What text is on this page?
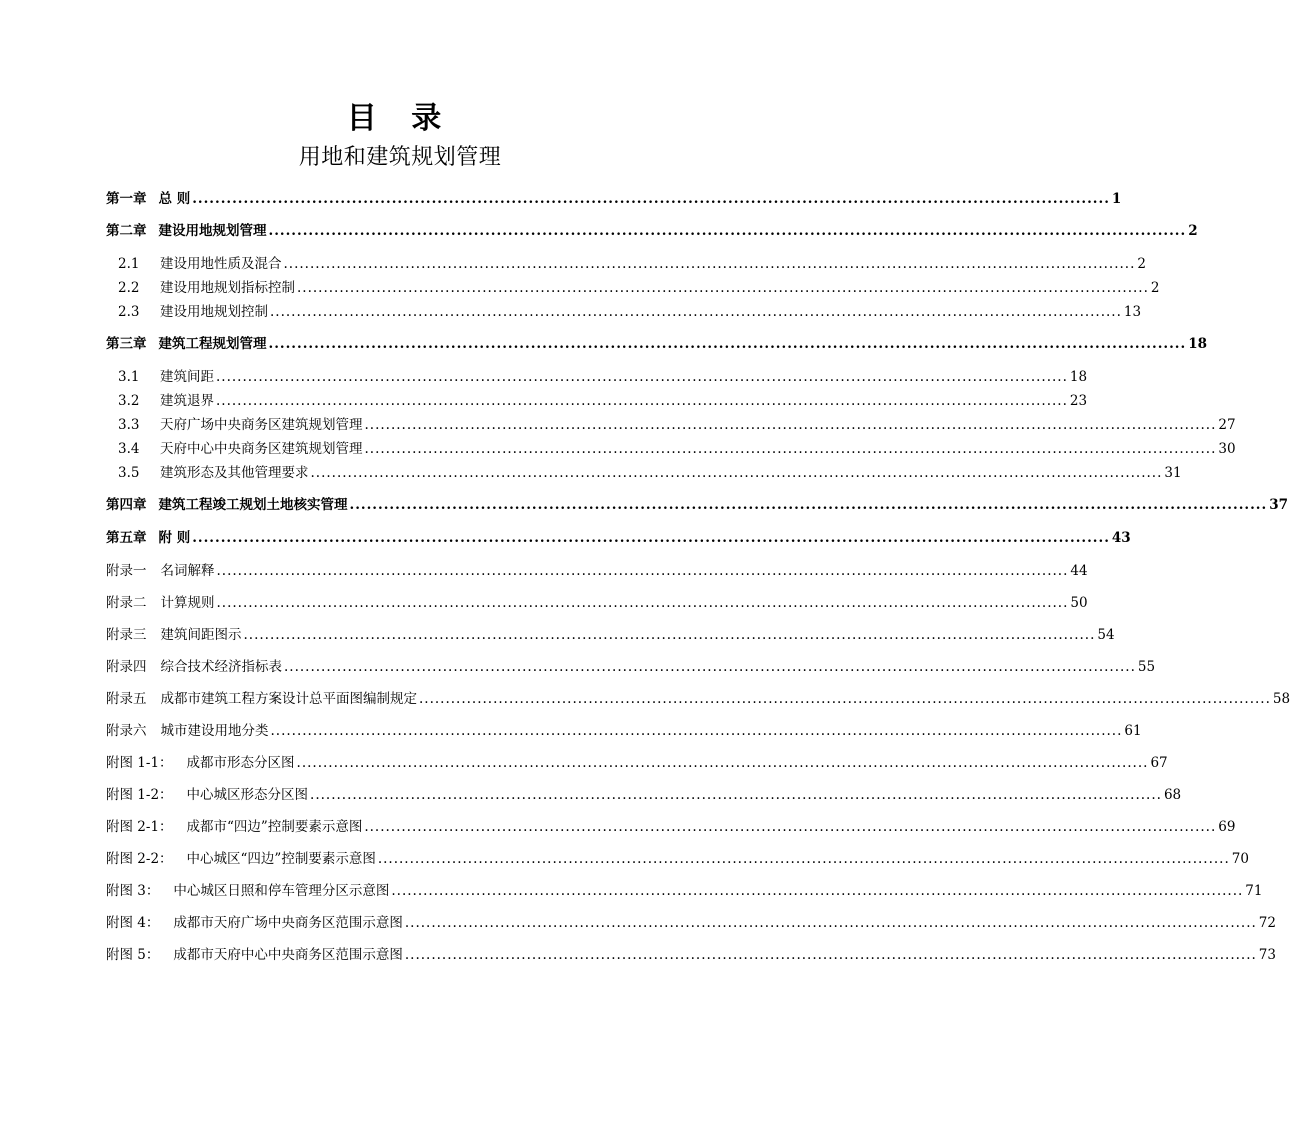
目 录
用地和建筑规划管理
第一章 总 则 ................................................................................................................................................................. 1
第二章 建设用地规划管理 ................................................................................................................................................................. 2
2.1	建设用地性质及混合 ................................................................................................................................................................. 2
2.2	建设用地规划指标控制 ................................................................................................................................................................. 2
2.3	建设用地规划控制 ................................................................................................................................................................. 13
第三章 建筑工程规划管理 ................................................................................................................................................................. 18
3.1	建筑间距 ................................................................................................................................................................. 18
3.2	建筑退界 ................................................................................................................................................................. 23
3.3	天府广场中央商务区建筑规划管理 ................................................................................................................................................................. 27
3.4	天府中心中央商务区建筑规划管理 ................................................................................................................................................................. 30
3.5	建筑形态及其他管理要求 ................................................................................................................................................................. 31
第四章 建筑工程竣工规划土地核实管理 ................................................................................................................................................................. 37
第五章 附 则 ................................................................................................................................................................. 43
附录一 名词解释 ................................................................................................................................................................. 44
附录二 计算规则 ................................................................................................................................................................. 50
附录三 建筑间距图示 ................................................................................................................................................................. 54
附录四 综合技术经济指标表 ................................................................................................................................................................. 55
附录五 成都市建筑工程方案设计总平面图编制规定 ................................................................................................................................................................. 58
附录六 城市建设用地分类 ................................................................................................................................................................. 61
附图 1-1： 成都市形态分区图 ................................................................................................................................................................. 67
附图 1-2： 中心城区形态分区图 ................................................................................................................................................................. 68
附图 2-1： 成都市“四边”控制要素示意图 ................................................................................................................................................................. 69
附图 2-2： 中心城区“四边”控制要素示意图 ................................................................................................................................................................. 70
附图 3： 中心城区日照和停车管理分区示意图 ................................................................................................................................................................. 71
附图 4： 成都市天府广场中央商务区范围示意图 ................................................................................................................................................................. 72
附图 5： 成都市天府中心中央商务区范围示意图 ................................................................................................................................................................. 73
